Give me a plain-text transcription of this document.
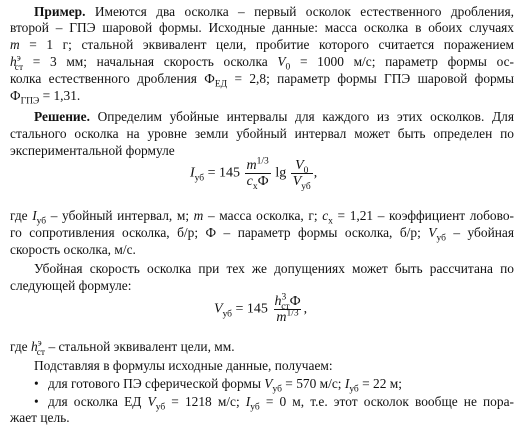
Пример. Имеются два осколка – первый осколок естественного дробления,
второй – ГПЭ шаровой формы. Исходные данные: масса осколка в обоих случаях
m = 1 г; стальной эквивалент цели, пробитие которого считается поражением
$h^э_{ст} = 3$ мм; начальная скорость осколка $V_0 = 1000$ м/с; параметр формы ос-
колка естественного дробления $Ф_{ЕД} = 2,8$; параметр формы ГПЭ шаровой формы
$Ф_{ГПЭ} = 1,31$.
Решение. Определим убойные интервалы для каждого из этих осколков. Для
стального осколка на уровне земли убойный интервал может быть определен по
экспериментальной формуле
$I_{уб} = 145 \frac{m^{1/3}}{c_xФ}$ $\lg \frac{V_0}{V_{уб}}$ ,
где $I_{уб}$ – убойный интервал, м; m – масса осколка, г; $c_x = 1,21$ – коэффициент лобово-
го сопротивления осколка, б/р; Ф – параметр формы осколка, б/р; $V_{уб}$ – убойная
скорость осколка, м/с.
Убойная скорость осколка при тех же допущениях может быть рассчитана по
следующей формуле:
$V_{уб} = 145 \frac{h^3_{ст}Ф}{m^{1/3}}$ ,
где $h^э_{ст}$ – стальной эквивалент цели, мм.
Подставляя в формулы исходные данные, получаем:
• для готового ПЭ сферической формы $V_{уб} = 570$ м/с; $I_{уб} = 22$ м;
• для осколка ЕД $V_{уб} = 1218$ м/с; $I_{уб} = 0$ м, т.е. этот осколок вообще не пора-
жает цель.
